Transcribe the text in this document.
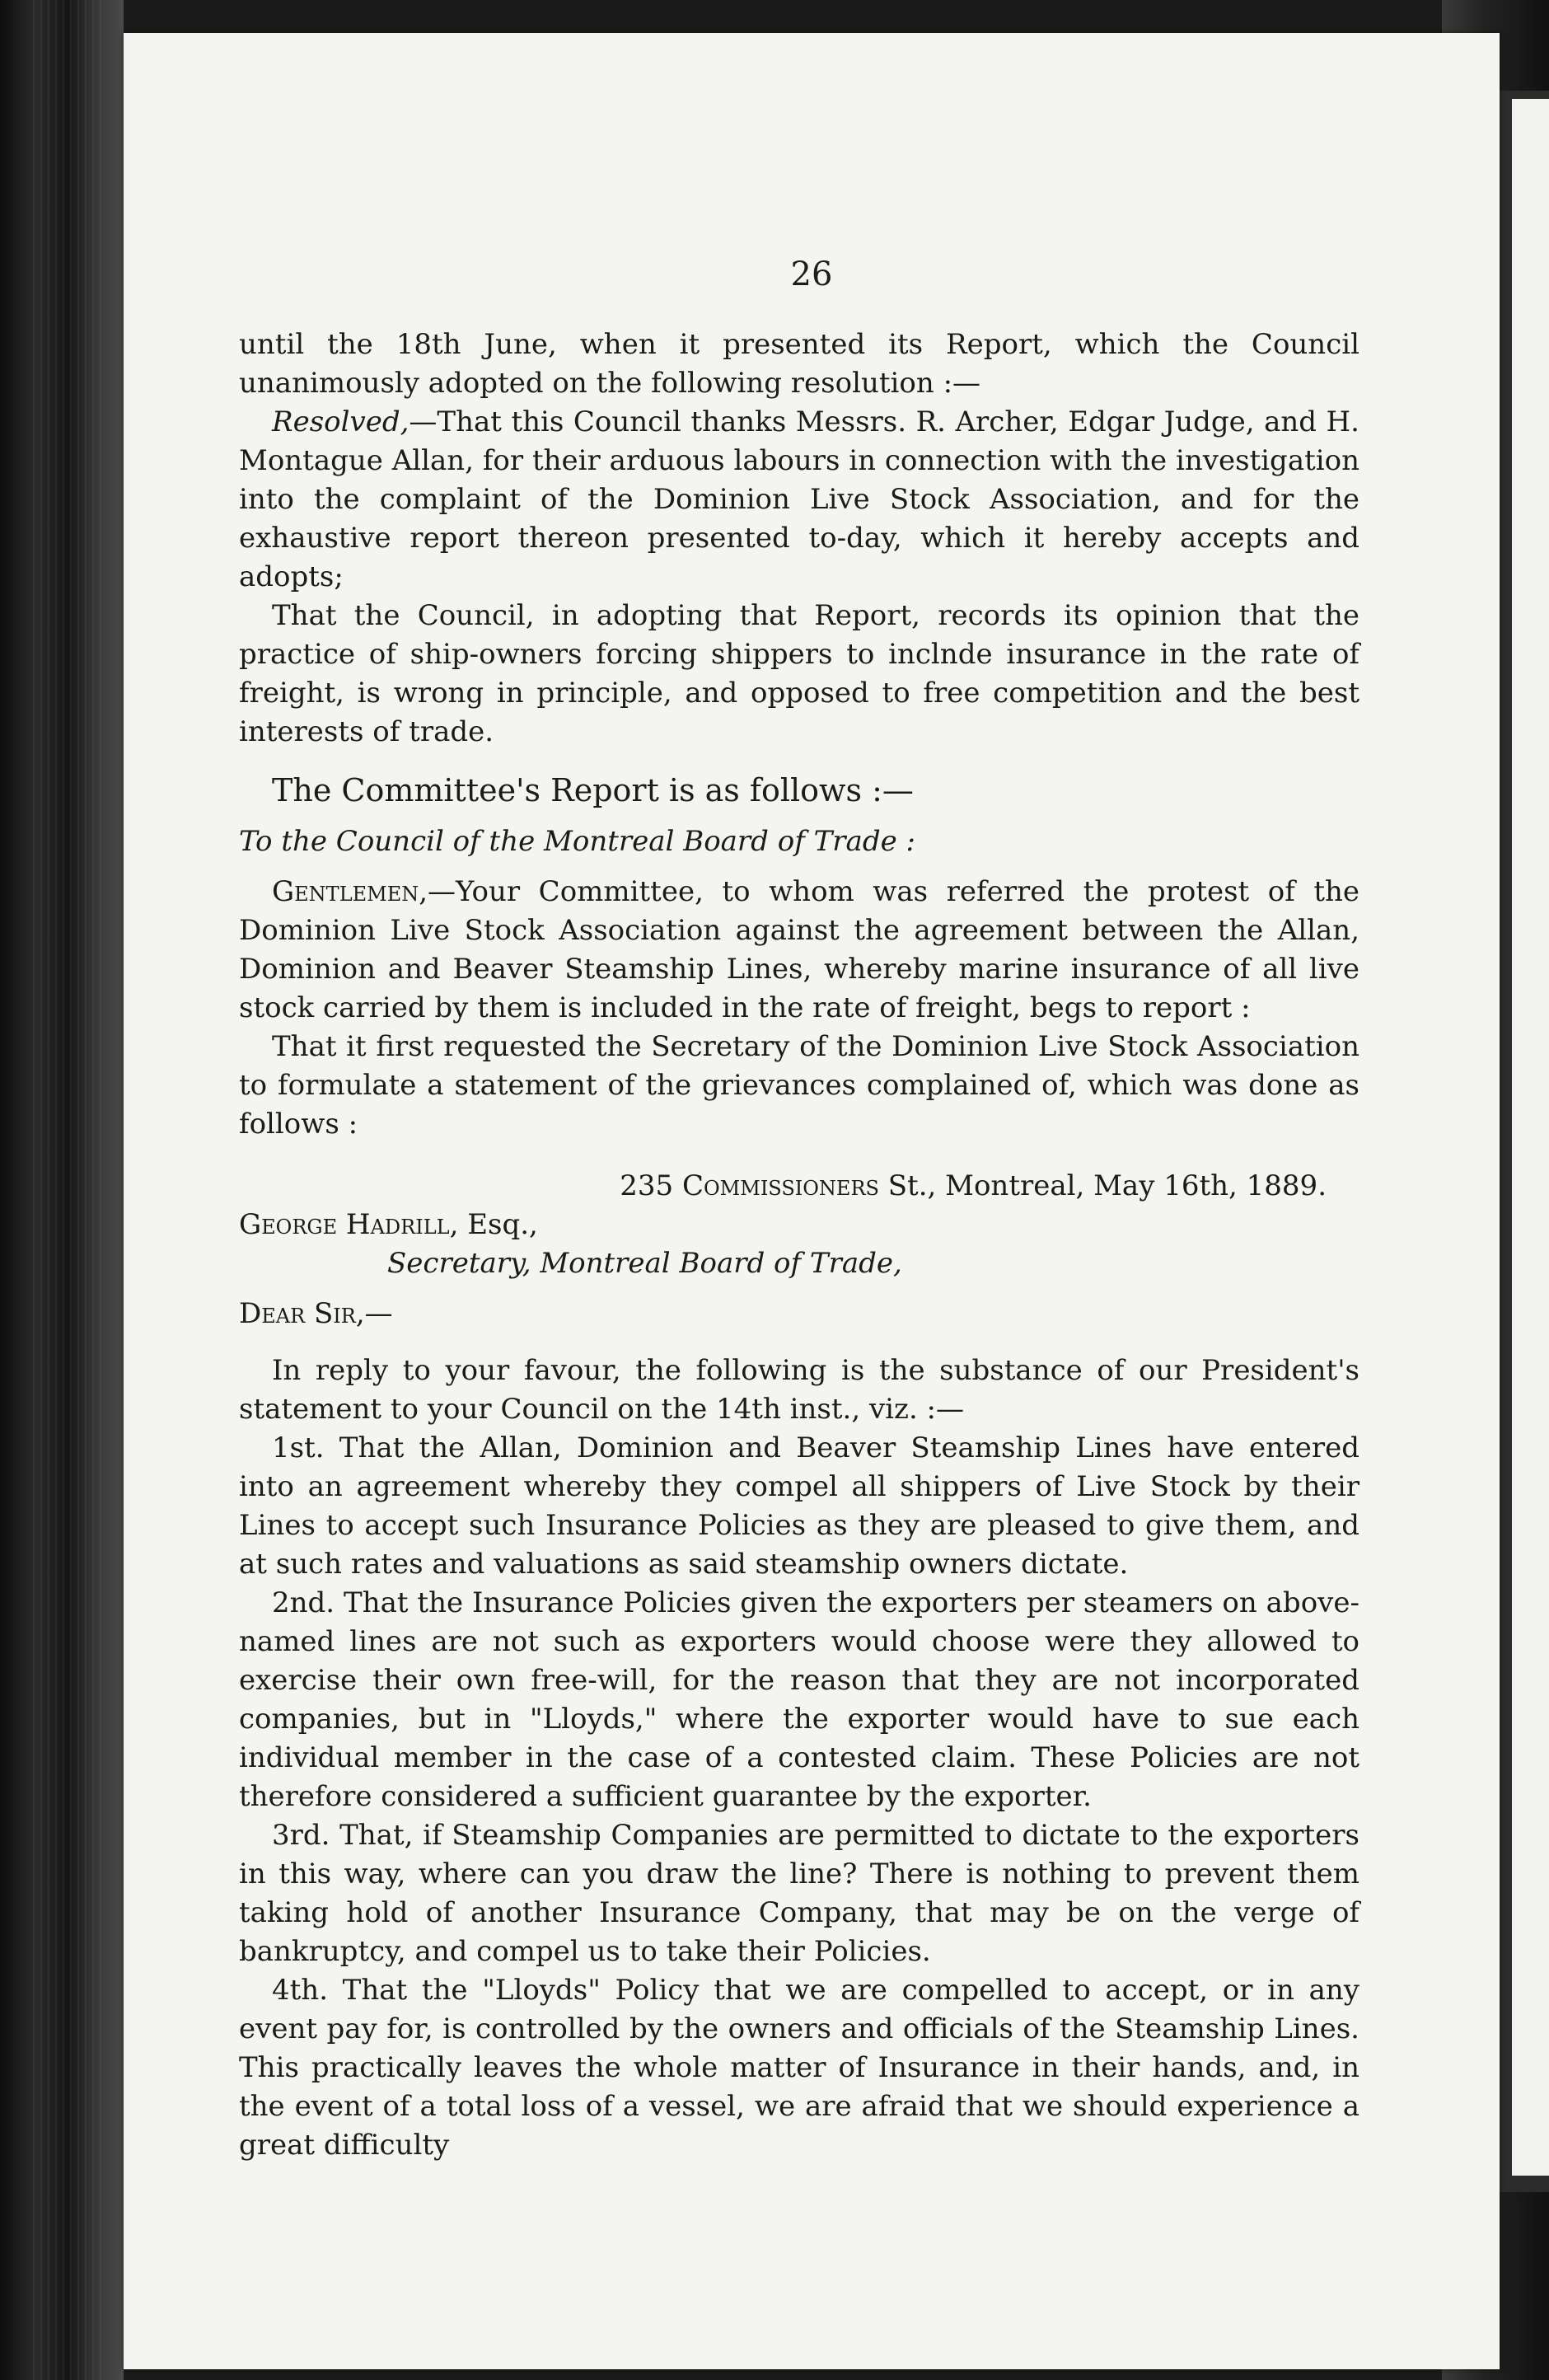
26

until the 18th June, when it presented its Report, which the Council unanimously adopted on the following resolution :—

Resolved,—That this Council thanks Messrs. R. Archer, Edgar Judge, and H. Montague Allan, for their arduous labours in connection with the investigation into the complaint of the Dominion Live Stock Association, and for the exhaustive report thereon presented to-day, which it hereby accepts and adopts;

That the Council, in adopting that Report, records its opinion that the practice of ship-owners forcing shippers to inclnde insurance in the rate of freight, is wrong in principle, and opposed to free competition and the best interests of trade.

The Committee's Report is as follows :—

To the Council of the Montreal Board of Trade :

Gentlemen,—Your Committee, to whom was referred the protest of the Dominion Live Stock Association against the agreement between the Allan, Dominion and Beaver Steamship Lines, whereby marine insurance of all live stock carried by them is included in the rate of freight, begs to report :

That it first requested the Secretary of the Dominion Live Stock Association to formulate a statement of the grievances complained of, which was done as follows :

235 Commissioners St., Montreal, May 16th, 1889.

George Hadrill, Esq.,

Secretary, Montreal Board of Trade,

Dear Sir,—

In reply to your favour, the following is the substance of our President's statement to your Council on the 14th inst., viz. :—

1st. That the Allan, Dominion and Beaver Steamship Lines have entered into an agreement whereby they compel all shippers of Live Stock by their Lines to accept such Insurance Policies as they are pleased to give them, and at such rates and valuations as said steamship owners dictate.

2nd. That the Insurance Policies given the exporters per steamers on above-named lines are not such as exporters would choose were they allowed to exercise their own free-will, for the reason that they are not incorporated companies, but in "Lloyds," where the exporter would have to sue each individual member in the case of a contested claim. These Policies are not therefore considered a sufficient guarantee by the exporter.

3rd. That, if Steamship Companies are permitted to dictate to the exporters in this way, where can you draw the line? There is nothing to prevent them taking hold of another Insurance Company, that may be on the verge of bankruptcy, and compel us to take their Policies.

4th. That the "Lloyds" Policy that we are compelled to accept, or in any event pay for, is controlled by the owners and officials of the Steamship Lines. This practically leaves the whole matter of Insurance in their hands, and, in the event of a total loss of a vessel, we are afraid that we should experience a great difficulty
